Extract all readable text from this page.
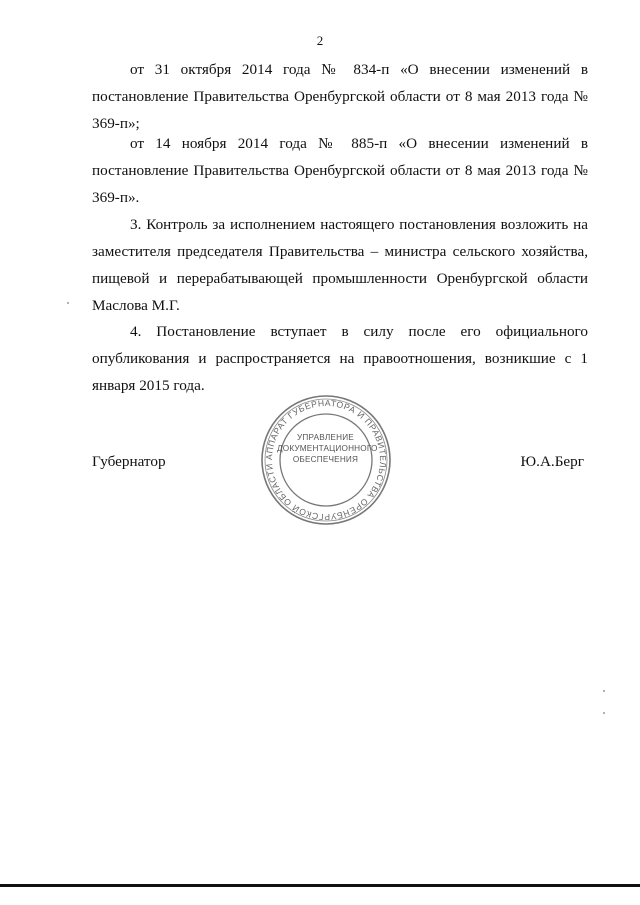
2

от 31 октября 2014 года № 834-п «О внесении изменений в постановление Правительства Оренбургской области от 8 мая 2013 года № 369-п»;

от 14 ноября 2014 года № 885-п «О внесении изменений в постановление Правительства Оренбургской области от 8 мая 2013 года № 369-п».

3. Контроль за исполнением настоящего постановления возложить на заместителя председателя Правительства – министра сельского хозяйства, пищевой и перерабатывающей промышленности Оренбургской области Маслова М.Г.

4. Постановление вступает в силу после его официального опубликования и распространяется на правоотношения, возникшие с 1 января 2015 года.

Губернатор	АППАРАТ ГУБЕРНАТОРА И ПРАВИТЕЛЬСТВА ОРЕНБУРГСКОЙ ОБЛАСТИ
УПРАВЛЕНИЕ
ДОКУМЕНТАЦИОННОГО
ОБЕСПЕЧЕНИЯ	Ю.А.Берг
